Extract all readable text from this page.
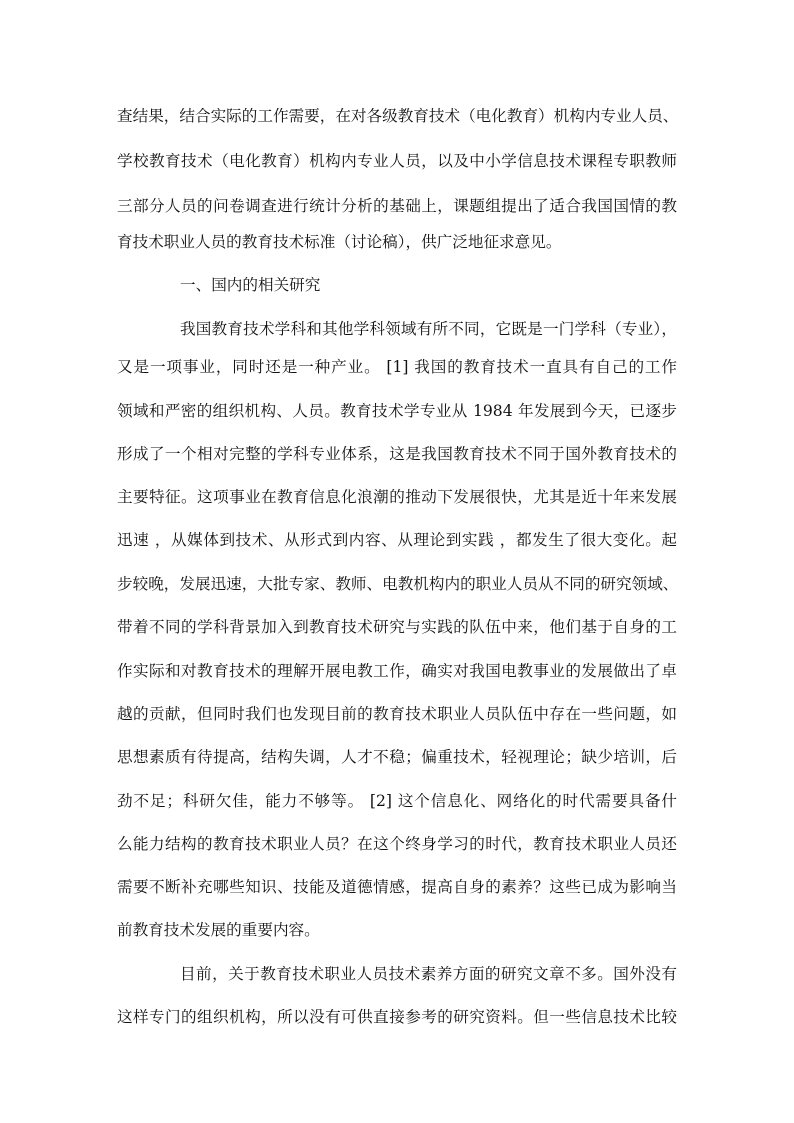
查结果，结合实际的工作需要，在对各级教育技术（电化教育）机构内专业人员、
学校教育技术（电化教育）机构内专业人员，以及中小学信息技术课程专职教师
三部分人员的问卷调查进行统计分析的基础上，课题组提出了适合我国国情的教
育技术职业人员的教育技术标准（讨论稿），供广泛地征求意见。
一、国内的相关研究
我国教育技术学科和其他学科领域有所不同，它既是一门学科（专业），
又是一项事业，同时还是一种产业。 [1] 我国的教育技术一直具有自己的工作
领域和严密的组织机构、人员。教育技术学专业从 1984 年发展到今天，已逐步
形成了一个相对完整的学科专业体系，这是我国教育技术不同于国外教育技术的
主要特征。这项事业在教育信息化浪潮的推动下发展很快，尤其是近十年来发展
迅速 ，从媒体到技术、从形式到内容、从理论到实践 ，都发生了很大变化。起
步较晚，发展迅速，大批专家、教师、电教机构内的职业人员从不同的研究领域、
带着不同的学科背景加入到教育技术研究与实践的队伍中来，他们基于自身的工
作实际和对教育技术的理解开展电教工作，确实对我国电教事业的发展做出了卓
越的贡献，但同时我们也发现目前的教育技术职业人员队伍中存在一些问题，如
思想素质有待提高，结构失调，人才不稳；偏重技术，轻视理论；缺少培训，后
劲不足；科研欠佳，能力不够等。 [2] 这个信息化、网络化的时代需要具备什
么能力结构的教育技术职业人员？在这个终身学习的时代，教育技术职业人员还
需要不断补充哪些知识、技能及道德情感，提高自身的素养？这些已成为影响当
前教育技术发展的重要内容。
目前，关于教育技术职业人员技术素养方面的研究文章不多。国外没有
这样专门的组织机构，所以没有可供直接参考的研究资料。但一些信息技术比较
